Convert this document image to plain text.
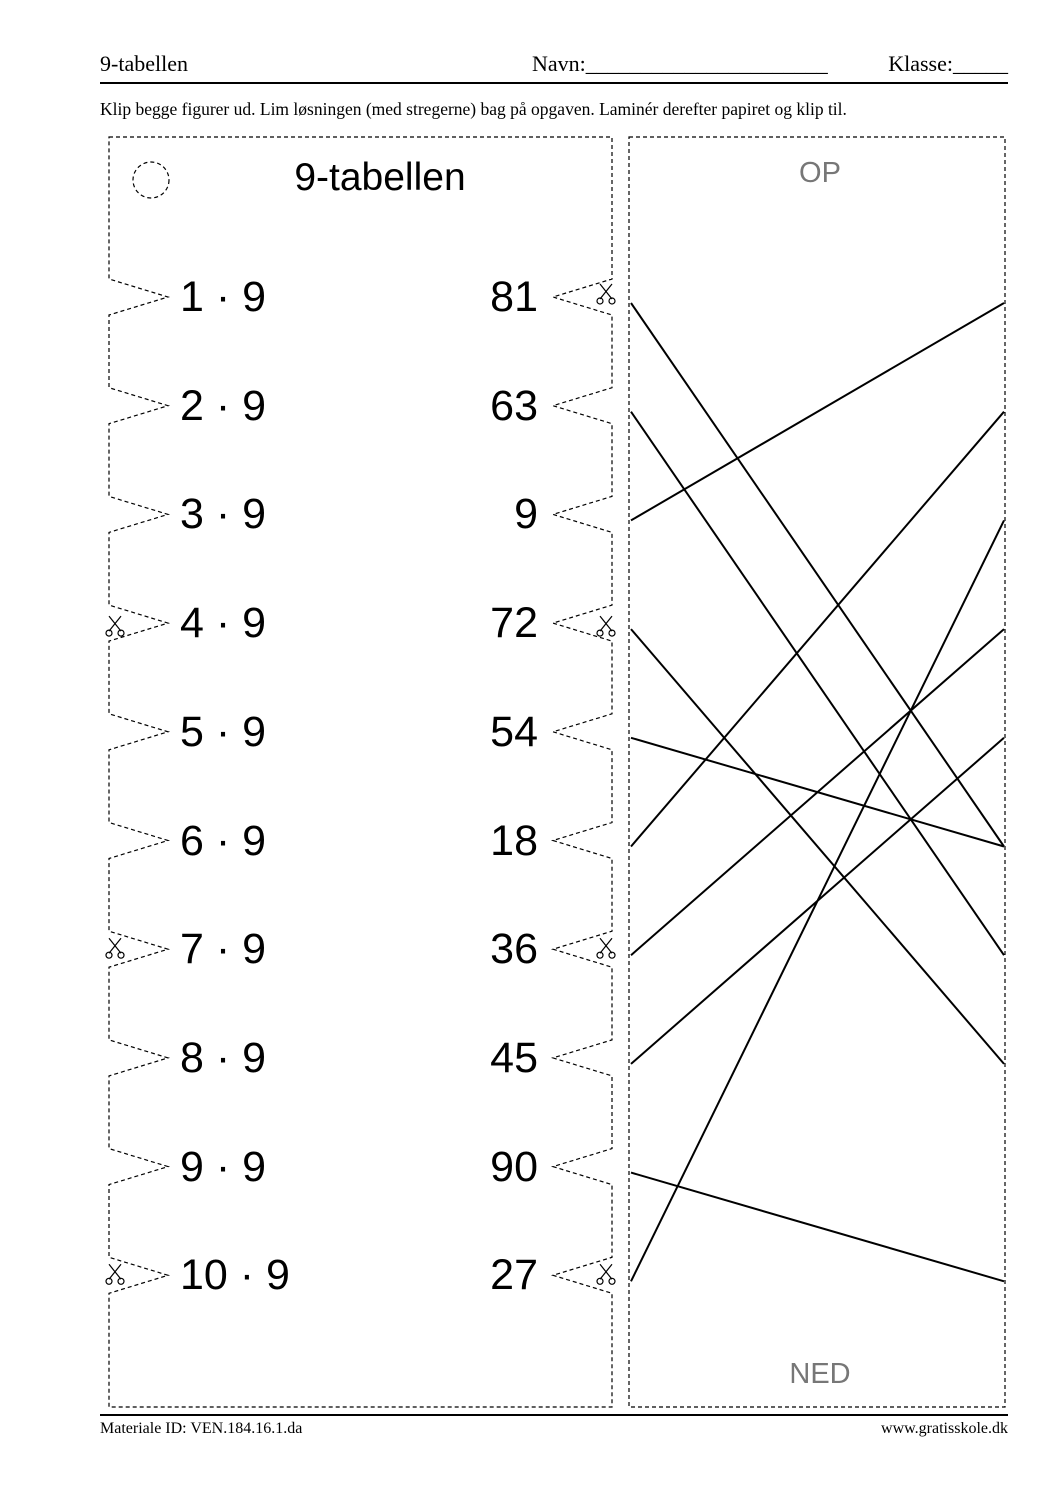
9-tabellen	Navn:______________________	Klasse:_____
Klip begge figurer ud. Lim løsningen (med stregerne) bag på opgaven. Laminér derefter papiret og klip til.
9-tabellen
1 · 9	81
2 · 9	63
3 · 9	9
4 · 9	72
5 · 9	54
6 · 9	18
7 · 9	36
8 · 9	45
9 · 9	90
10 · 9	27
OP
NED
Materiale ID: VEN.184.16.1.da	www.gratisskole.dk
